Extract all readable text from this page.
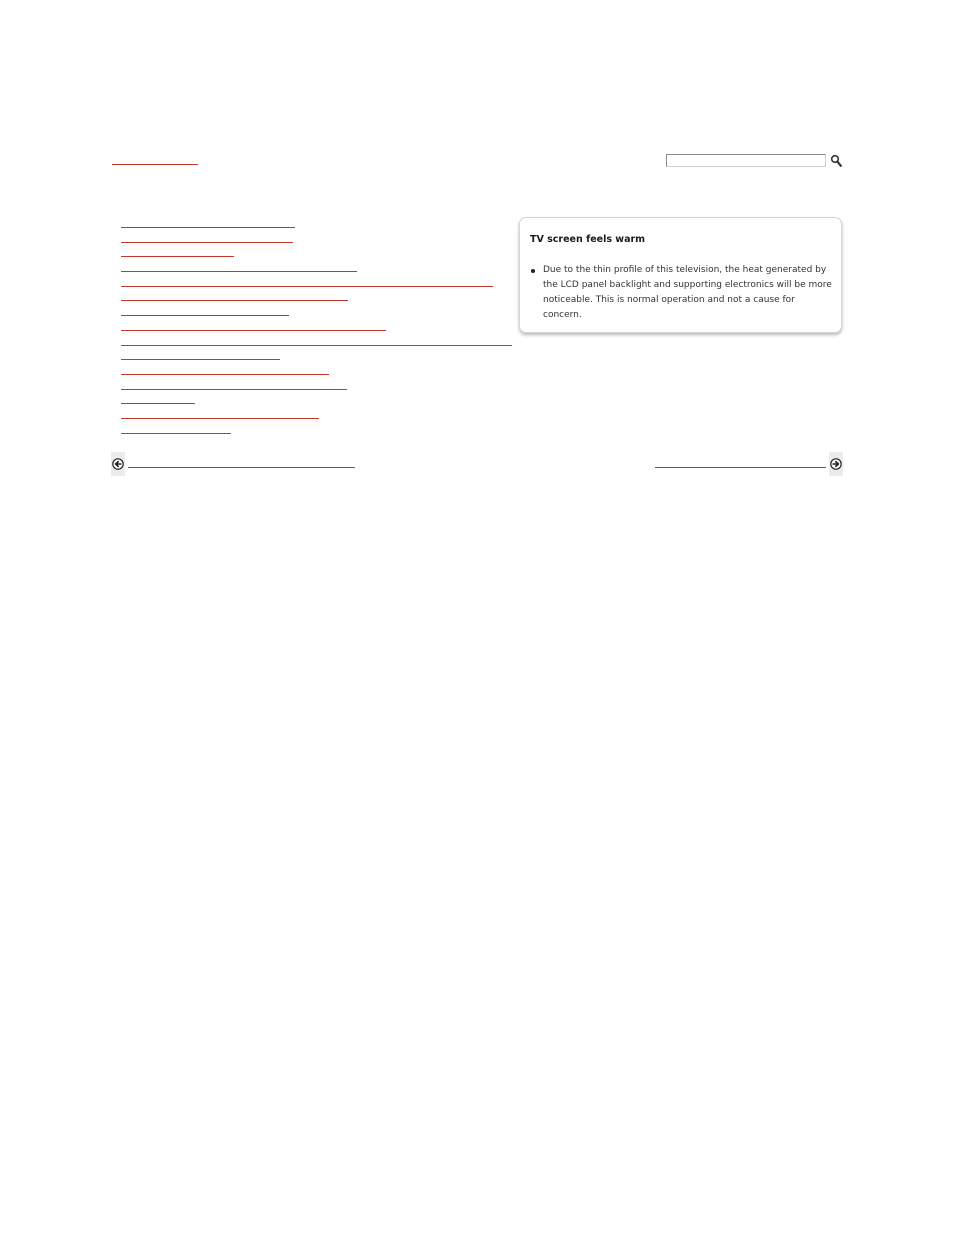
TV screen feels warm

Due to the thin profile of this television, the heat generated by the LCD panel backlight and supporting electronics will be more noticeable. This is normal operation and not a cause for concern.
